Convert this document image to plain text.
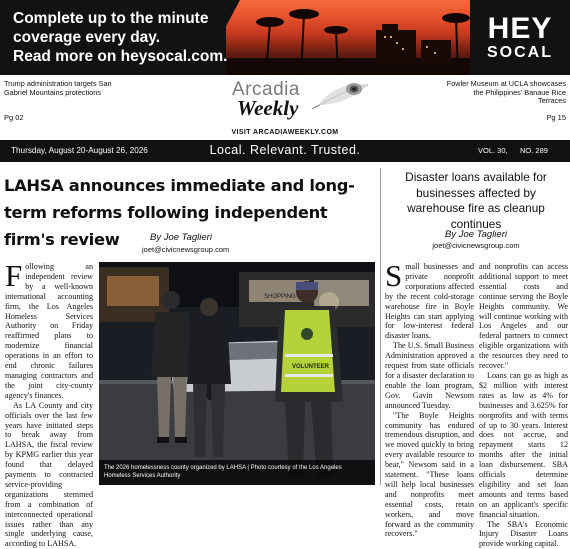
Complete up to the minute
coverage every day.
Read more on heysocal.com.
HEY
SOCAL
Trump administration targets San Gabriel Mountains protections
Pg 02
Fowler Museum at UCLA showcases the Philippines' Banaue Rice Terraces
Pg 15
Arcadia
Weekly
VISIT ARCADIAWEEKLY.COM
Thursday, August 20-August 26, 2026	Local. Relevant. Trusted.	VOL. 30, NO. 289
LAHSA announces immediate and long-term reforms following independent firm's review	By Joe Taglieri
joet@civicnewsgroup.com

Following an independent review by a well-known international accounting firm, the Los Angeles Homeless Services Authority on Friday reaffirmed plans to modernize financial operations in an effort to end chronic failures managing contractors and the joint city-county agency's finances.

As LA County and city officials over the last few years have initiated steps to break away from LAHSA, the fiscal review by KPMG earlier this year found that delayed payments to contracted service-providing organizations stemmed from a combination of interconnected operational issues rather than any single underlying cause, according to LAHSA.

SHOPPING
VOLUNTEER
The 2026 homelessness county organized by LAHSA | Photo courtesy of the Los Angeles Homeless Services Authority
Disaster loans available for businesses affected by warehouse fire as cleanup continues
By Joe Taglieri
joet@civicnewsgroup.com

Small businesses and private nonprofit corporations affected by the recent cold-storage warehouse fire in Boyle Heights can start applying for low-interest federal disaster loans.

The U.S. Small Business Administration approved a request from state officials for a disaster declaration to enable the loan program, Gov. Gavin Newsom announced Tuesday.

"The Boyle Heights community has endured tremendous disruption, and we moved quickly to bring every available resource to bear," Newsom said in a statement. "These loans will help local businesses and nonprofits meet essential costs, retain workers, and move forward as the community recovers."

and nonprofits can access additional support to meet essential costs and continue serving the Boyle Heights community. We will continue working with Los Angeles and our federal partners to connect eligible organizations with the resources they need to recover."

Loans can go as high as $2 million with interest rates as low as 4% for businesses and 3.625% for nonprofits and with terms of up to 30 years. Interest does not accrue, and repayment starts 12 months after the initial loan disbursement. SBA officials determine eligibility and set loan amounts and terms based on an applicant's specific financial situation.

The SBA's Economic Injury Disaster Loans provide working capital.
